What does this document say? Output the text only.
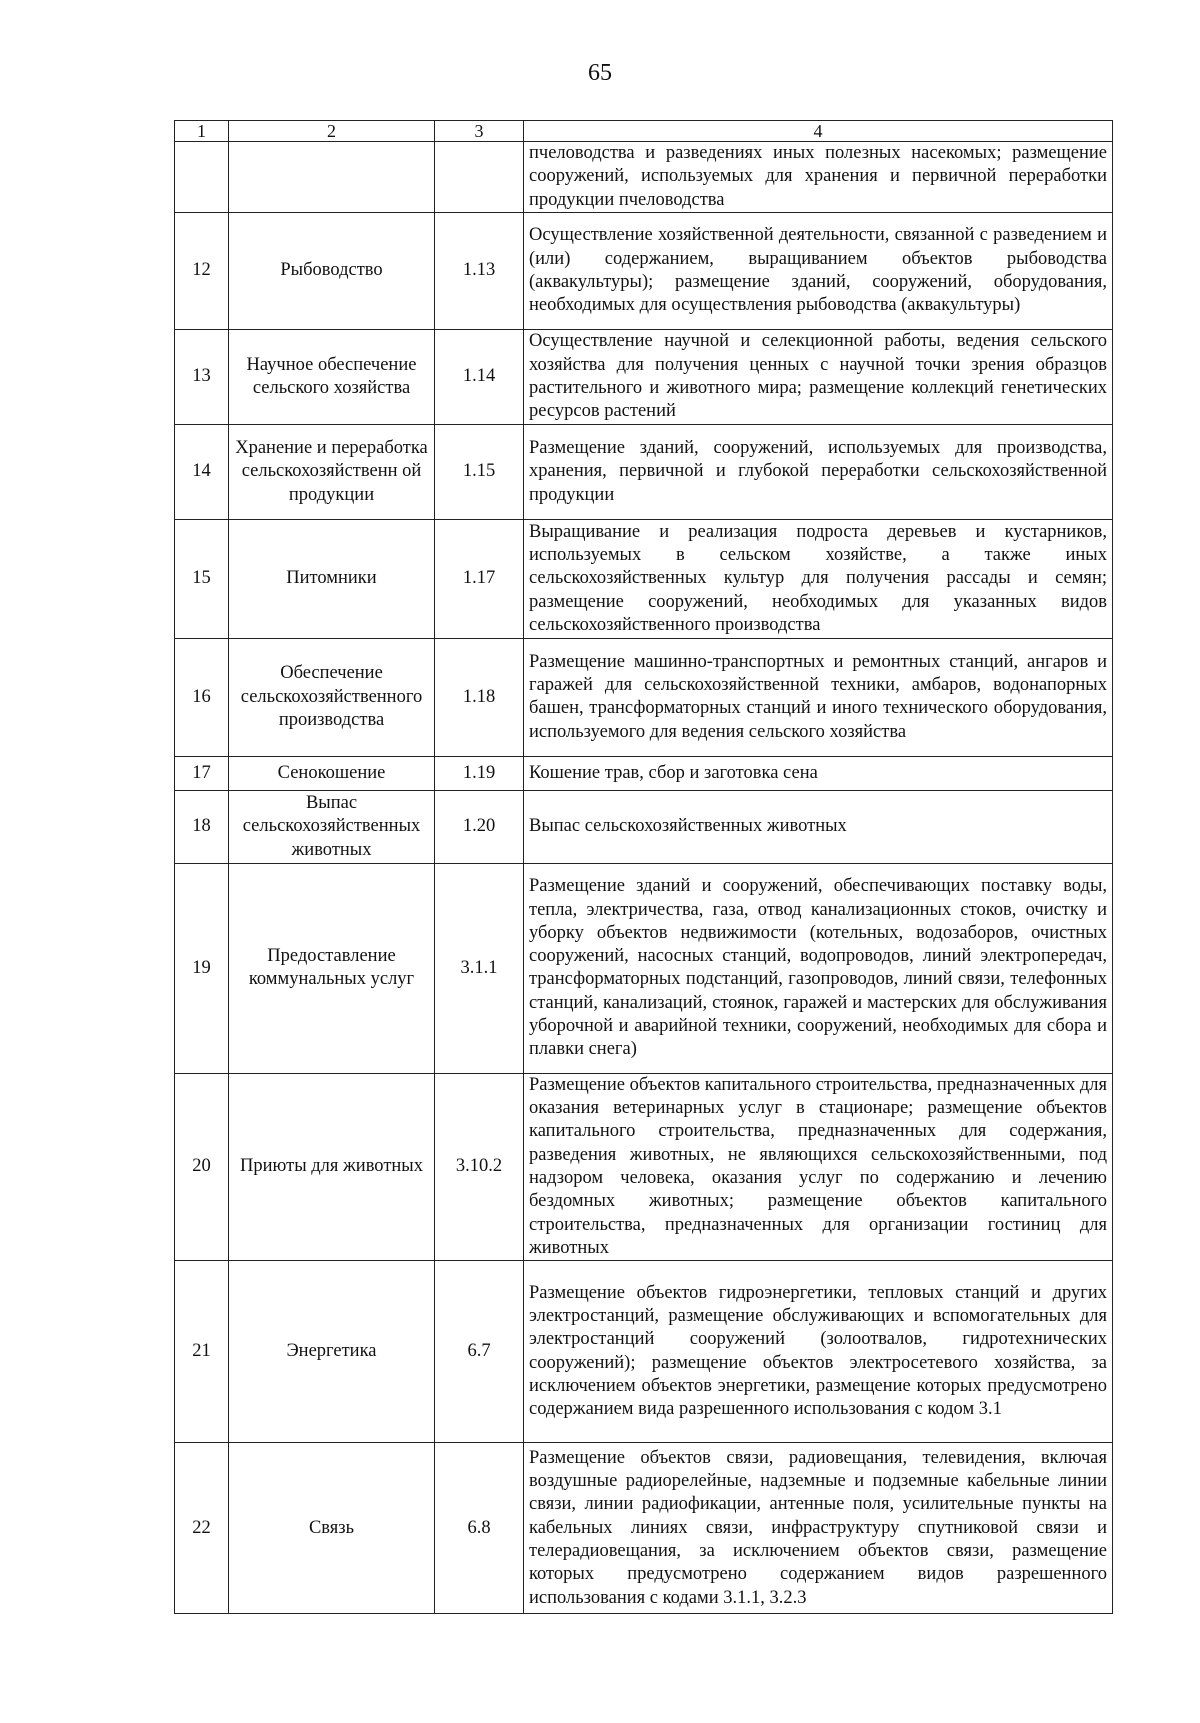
65
1	2	3	4
			пчеловодства и разведениях иных полезных насекомых; размещение сооружений, используемых для хранения и первичной переработки продукции пчеловодства
12	Рыбоводство	1.13	Осуществление хозяйственной деятельности, связанной с разведением и (или) содержанием, выращиванием объектов рыбоводства (аквакультуры); размещение зданий, сооружений, оборудования, необходимых для осуществления рыбоводства (аквакультуры)
13	Научное обеспечение сельского хозяйства	1.14	Осуществление научной и селекционной работы, ведения сельского хозяйства для получения ценных с научной точки зрения образцов растительного и животного мира; размещение коллекций генетических ресурсов растений
14	Хранение и переработка сельскохозяйственн ой продукции	1.15	Размещение зданий, сооружений, используемых для производства, хранения, первичной и глубокой переработки сельскохозяйственной продукции
15	Питомники	1.17	Выращивание и реализация подроста деревьев и кустарников, используемых в сельском хозяйстве, а также иных сельскохозяйственных культур для получения рассады и семян; размещение сооружений, необходимых для указанных видов сельскохозяйственного производства
16	Обеспечение сельскохозяйственного производства	1.18	Размещение машинно-транспортных и ремонтных станций, ангаров и гаражей для сельскохозяйственной техники, амбаров, водонапорных башен, трансформаторных станций и иного технического оборудования, используемого для ведения сельского хозяйства
17	Сенокошение	1.19	Кошение трав, сбор и заготовка сена
18	Выпас сельскохозяйственных животных	1.20	Выпас сельскохозяйственных животных
19	Предоставление коммунальных услуг	3.1.1	Размещение зданий и сооружений, обеспечивающих поставку воды, тепла, электричества, газа, отвод канализационных стоков, очистку и уборку объектов недвижимости (котельных, водозаборов, очистных сооружений, насосных станций, водопроводов, линий электропередач, трансформаторных подстанций, газопроводов, линий связи, телефонных станций, канализаций, стоянок, гаражей и мастерских для обслуживания уборочной и аварийной техники, сооружений, необходимых для сбора и плавки снега)
20	Приюты для животных	3.10.2	Размещение объектов капитального строительства, предназначенных для оказания ветеринарных услуг в стационаре; размещение объектов капитального строительства, предназначенных для содержания, разведения животных, не являющихся сельскохозяйственными, под надзором человека, оказания услуг по содержанию и лечению бездомных животных; размещение объектов капитального строительства, предназначенных для организации гостиниц для животных
21	Энергетика	6.7	Размещение объектов гидроэнергетики, тепловых станций и других электростанций, размещение обслуживающих и вспомогательных для электростанций сооружений (золоотвалов, гидротехнических сооружений); размещение объектов электросетевого хозяйства, за исключением объектов энергетики, размещение которых предусмотрено содержанием вида разрешенного использования с кодом 3.1
22	Связь	6.8	Размещение объектов связи, радиовещания, телевидения, включая воздушные радиорелейные, надземные и подземные кабельные линии связи, линии радиофикации, антенные поля, усилительные пункты на кабельных линиях связи, инфраструктуру спутниковой связи и телерадиовещания, за исключением объектов связи, размещение которых предусмотрено содержанием видов разрешенного использования с кодами 3.1.1, 3.2.3
